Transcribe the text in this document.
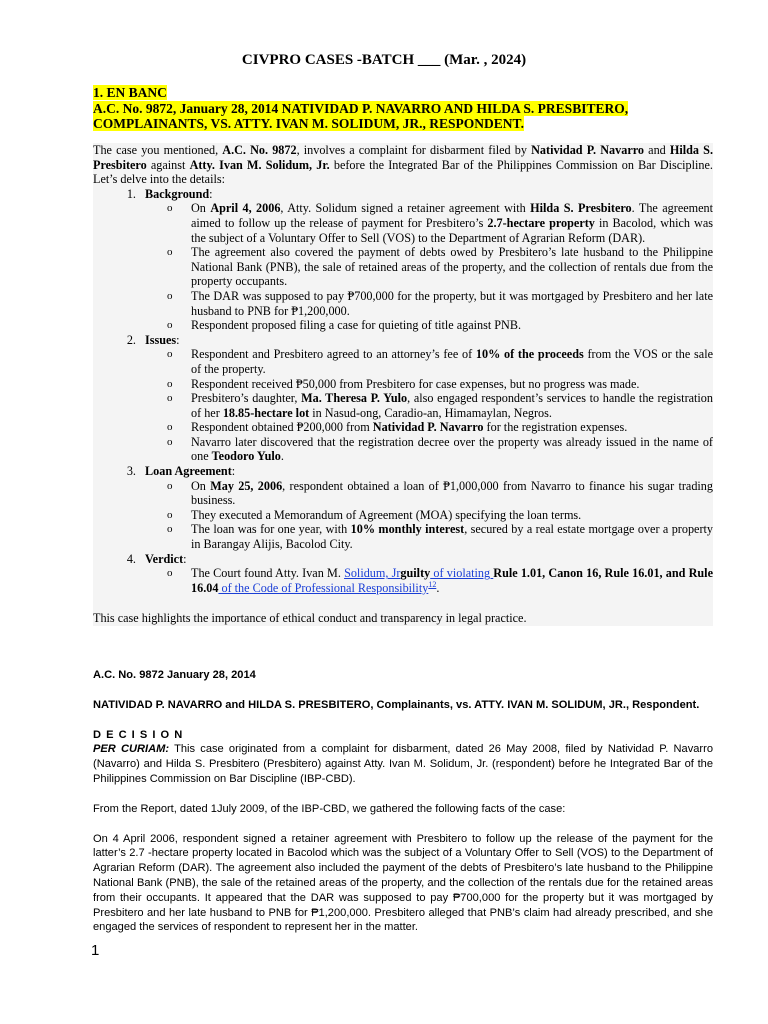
CIVPRO CASES -BATCH ___ (Mar. , 2024)
1. EN BANC
A.C. No. 9872, January 28, 2014 NATIVIDAD P. NAVARRO AND HILDA S. PRESBITERO,
COMPLAINANTS, VS. ATTY. IVAN M. SOLIDUM, JR., RESPONDENT.

The case you mentioned, A.C. No. 9872, involves a complaint for disbarment filed by Natividad P. Navarro and Hilda S. Presbitero against Atty. Ivan M. Solidum, Jr. before the Integrated Bar of the Philippines Commission on Bar Discipline. Let’s delve into the details:

1. Background:
o On April 4, 2006, Atty. Solidum signed a retainer agreement with Hilda S. Presbitero. The agreement aimed to follow up the release of payment for Presbitero’s 2.7-hectare property in Bacolod, which was the subject of a Voluntary Offer to Sell (VOS) to the Department of Agrarian Reform (DAR).
o The agreement also covered the payment of debts owed by Presbitero’s late husband to the Philippine National Bank (PNB), the sale of retained areas of the property, and the collection of rentals due from the property occupants.
o The DAR was supposed to pay ₱700,000 for the property, but it was mortgaged by Presbitero and her late husband to PNB for ₱1,200,000.
o Respondent proposed filing a case for quieting of title against PNB.
2. Issues:
o Respondent and Presbitero agreed to an attorney’s fee of 10% of the proceeds from the VOS or the sale of the property.
o Respondent received ₱50,000 from Presbitero for case expenses, but no progress was made.
o Presbitero’s daughter, Ma. Theresa P. Yulo, also engaged respondent’s services to handle the registration of her 18.85-hectare lot in Nasud-ong, Caradio-an, Himamaylan, Negros.
o Respondent obtained ₱200,000 from Natividad P. Navarro for the registration expenses.
o Navarro later discovered that the registration decree over the property was already issued in the name of one Teodoro Yulo.
3. Loan Agreement:
o On May 25, 2006, respondent obtained a loan of ₱1,000,000 from Navarro to finance his sugar trading business.
o They executed a Memorandum of Agreement (MOA) specifying the loan terms.
o The loan was for one year, with 10% monthly interest, secured by a real estate mortgage over a property in Barangay Alijis, Bacolod City.
4. Verdict:
o The Court found Atty. Ivan M. Solidum, Jrguilty of violating Rule 1.01, Canon 16, Rule 16.01, and Rule 16.04 of the Code of Professional Responsibility$^{12}$.

This case highlights the importance of ethical conduct and transparency in legal practice.

A.C. No. 9872 January 28, 2014

NATIVIDAD P. NAVARRO and HILDA S. PRESBITERO, Complainants, vs. ATTY. IVAN M. SOLIDUM, JR., Respondent.

D E C I S I O N

PER CURIAM: This case originated from a complaint for disbarment, dated 26 May 2008, filed by Natividad P. Navarro (Navarro) and Hilda S. Presbitero (Presbitero) against Atty. Ivan M. Solidum, Jr. (respondent) before he Integrated Bar of the Philippines Commission on Bar Discipline (IBP-CBD).

From the Report, dated 1July 2009, of the IBP-CBD, we gathered the following facts of the case:

On 4 April 2006, respondent signed a retainer agreement with Presbitero to follow up the release of the payment for the latter’s 2.7 -hectare property located in Bacolod which was the subject of a Voluntary Offer to Sell (VOS) to the Department of Agrarian Reform (DAR). The agreement also included the payment of the debts of Presbitero’s late husband to the Philippine National Bank (PNB), the sale of the retained areas of the property, and the collection of the rentals due for the retained areas from their occupants. It appeared that the DAR was supposed to pay ₱700,000 for the property but it was mortgaged by Presbitero and her late husband to PNB for ₱1,200,000. Presbitero alleged that PNB’s claim had already prescribed, and she engaged the services of respondent to represent her in the matter.

1
